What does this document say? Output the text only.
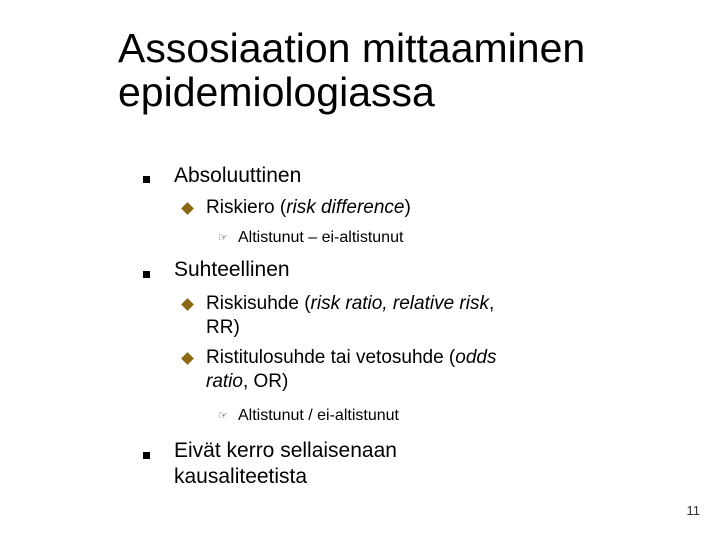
Assosiaation mittaaminen
epidemiologiassa
Absoluuttinen
Riskiero (risk difference)
☞ Altistunut – ei-altistunut
Suhteellinen
Riskisuhde (risk ratio, relative risk,
RR)
Ristitulosuhde tai vetosuhde (odds
ratio, OR)
☞ Altistunut / ei-altistunut
Eivät kerro sellaisenaan
kausaliteetista
11
